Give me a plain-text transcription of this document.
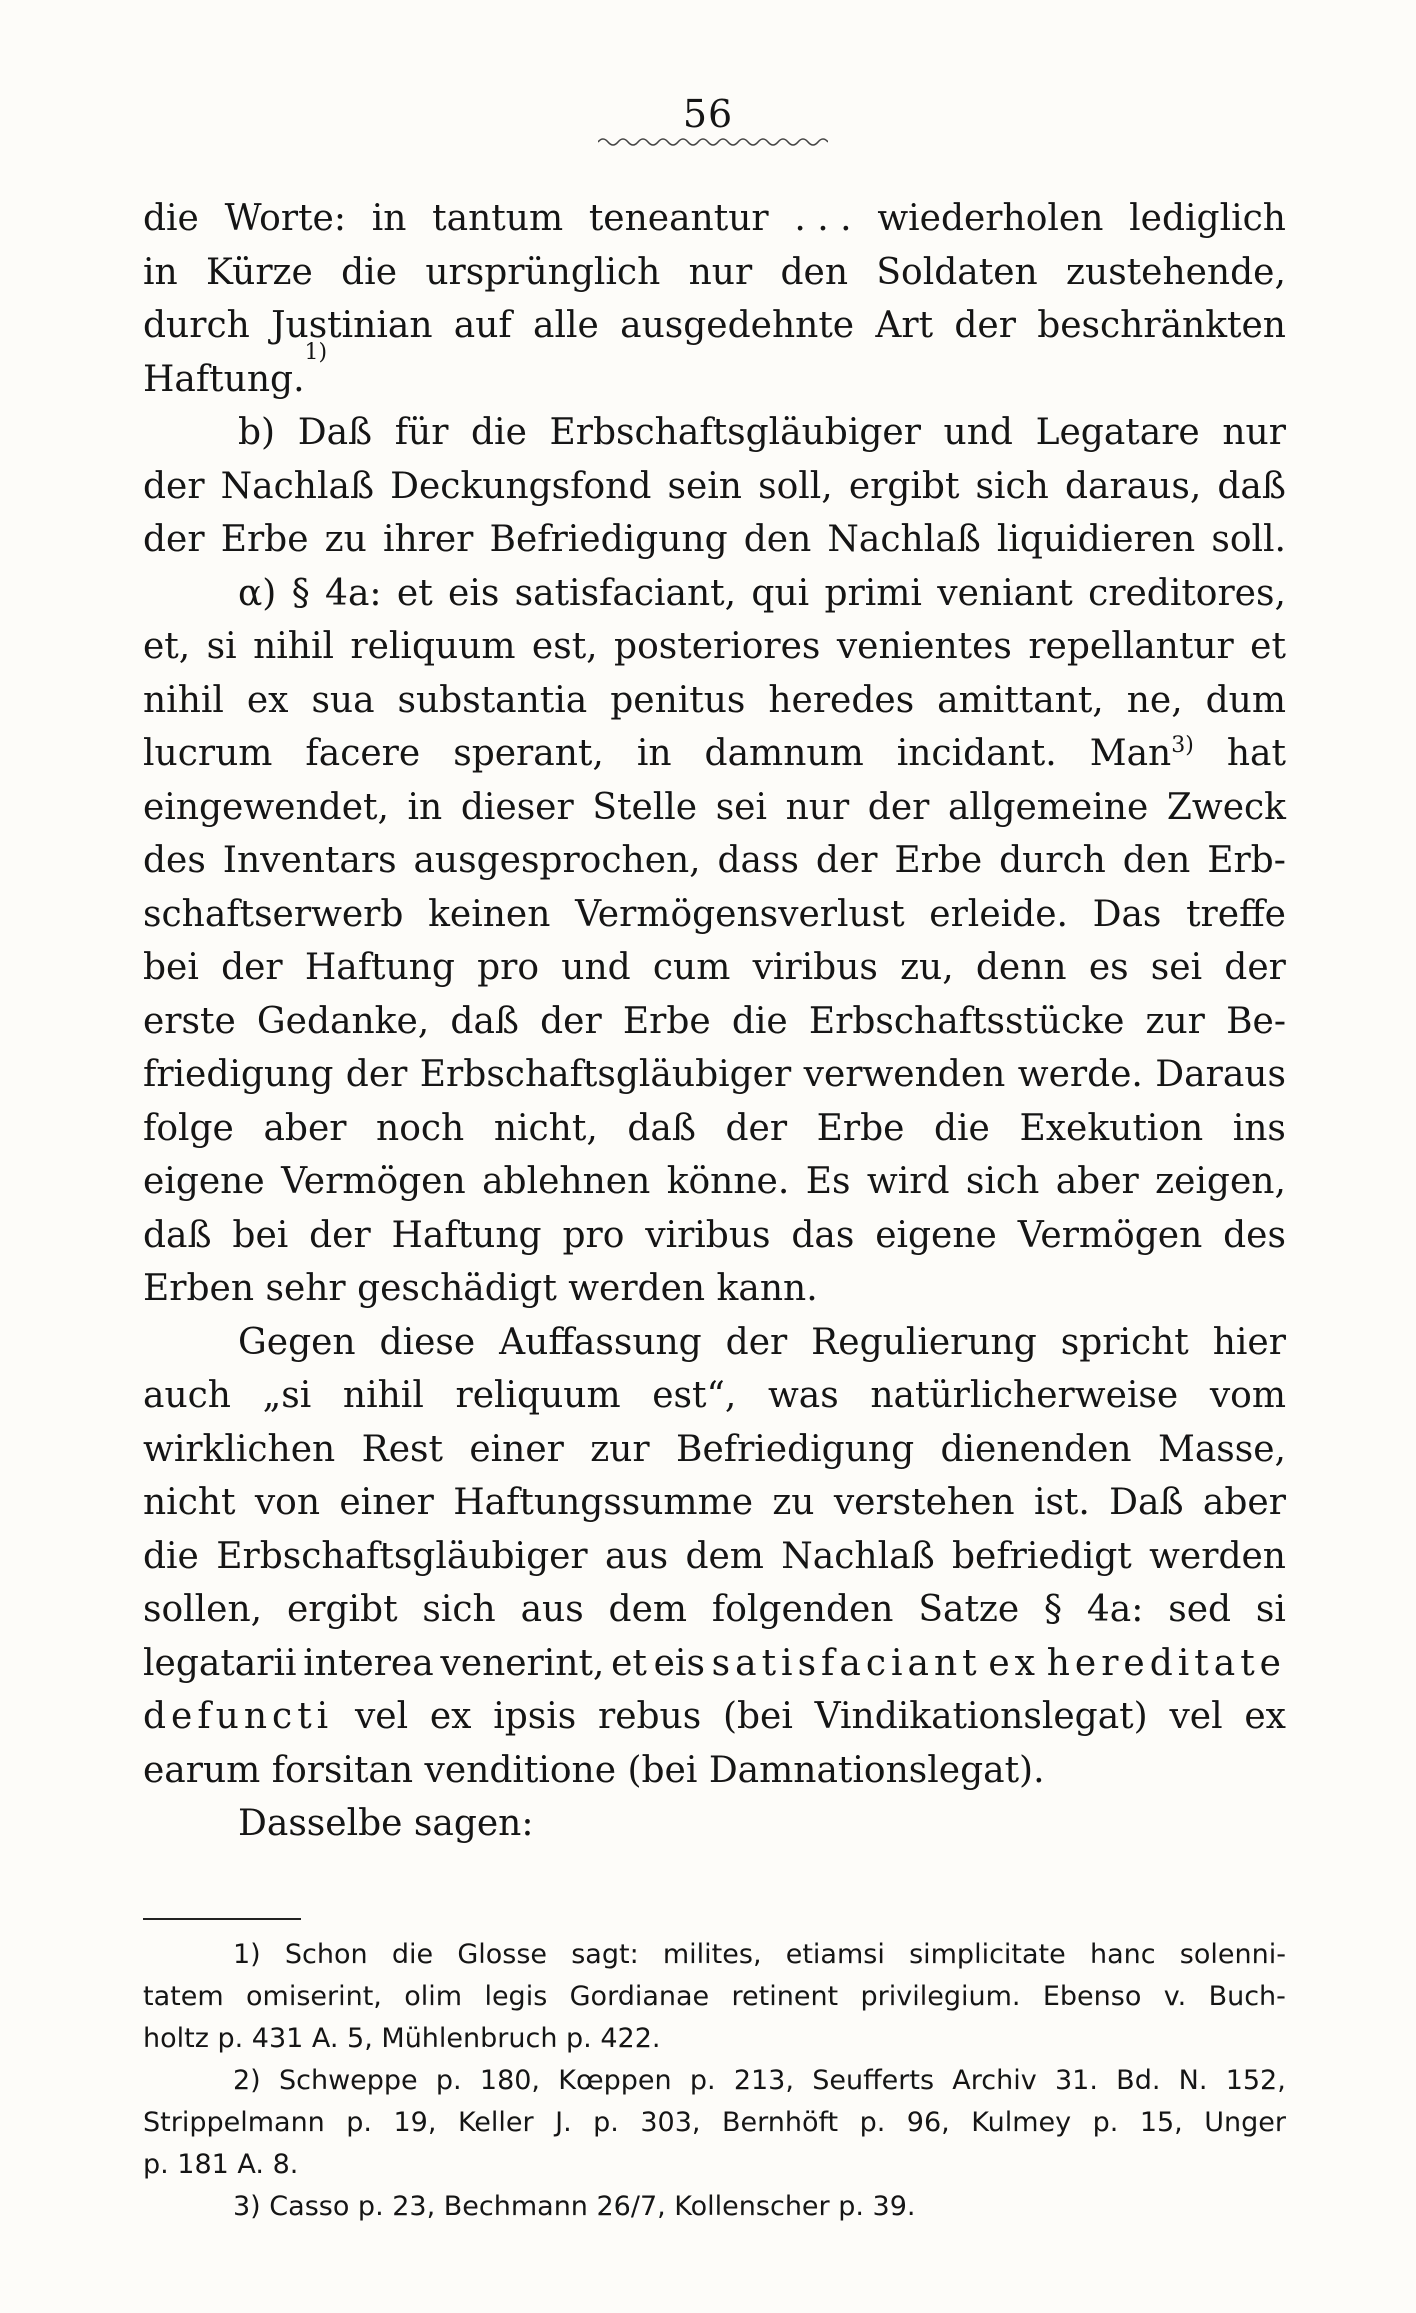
56
die Worte: in tantum teneantur . . . wiederholen lediglich
in Kürze die ursprünglich nur den Soldaten zustehende,
durch Justinian auf alle ausgedehnte Art der beschränkten
Haftung.
1)
b) Daß für die Erbschaftsgläubiger und Legatare nur
der Nachlaß Deckungsfond sein soll, ergibt sich daraus, daß
der Erbe zu ihrer Befriedigung den Nachlaß liquidieren soll.
α) § 4a: et eis satisfaciant, qui primi veniant creditores,
et, si nihil reliquum est, posteriores venientes repellantur et
nihil ex sua substantia penitus heredes amittant, ne, dum
lucrum facere sperant, in damnum incidant. Man$^{3)}$ hat
eingewendet, in dieser Stelle sei nur der allgemeine Zweck
des Inventars ausgesprochen, dass der Erbe durch den Erb-
schaftserwerb keinen Vermögensverlust erleide. Das treffe
bei der Haftung pro und cum viribus zu, denn es sei der
erste Gedanke, daß der Erbe die Erbschaftsstücke zur Be-
friedigung der Erbschaftsgläubiger verwenden werde. Daraus
folge aber noch nicht, daß der Erbe die Exekution ins
eigene Vermögen ablehnen könne. Es wird sich aber zeigen,
daß bei der Haftung pro viribus das eigene Vermögen des
Erben sehr geschädigt werden kann.
Gegen diese Auffassung der Regulierung spricht hier
auch „si nihil reliquum est“, was natürlicherweise vom
wirklichen Rest einer zur Befriedigung dienenden Masse,
nicht von einer Haftungssumme zu verstehen ist. Daß aber
die Erbschaftsgläubiger aus dem Nachlaß befriedigt werden
sollen, ergibt sich aus dem folgenden Satze § 4a: sed si
legatarii interea venerint, et eis satisfaciant ex hereditate
defuncti vel ex ipsis rebus (bei Vindikationslegat) vel ex
earum forsitan venditione (bei Damnationslegat).
Dasselbe sagen:
1) Schon die Glosse sagt: milites, etiamsi simplicitate hanc solenni-
tatem omiserint, olim legis Gordianae retinent privilegium. Ebenso v. Buch-
holtz p. 431 A. 5, Mühlenbruch p. 422.
2) Schweppe p. 180, Kœppen p. 213, Seufferts Archiv 31. Bd. N. 152,
Strippelmann p. 19, Keller J. p. 303, Bernhöft p. 96, Kulmey p. 15, Unger
p. 181 A. 8.
3) Casso p. 23, Bechmann 26/7, Kollenscher p. 39.
